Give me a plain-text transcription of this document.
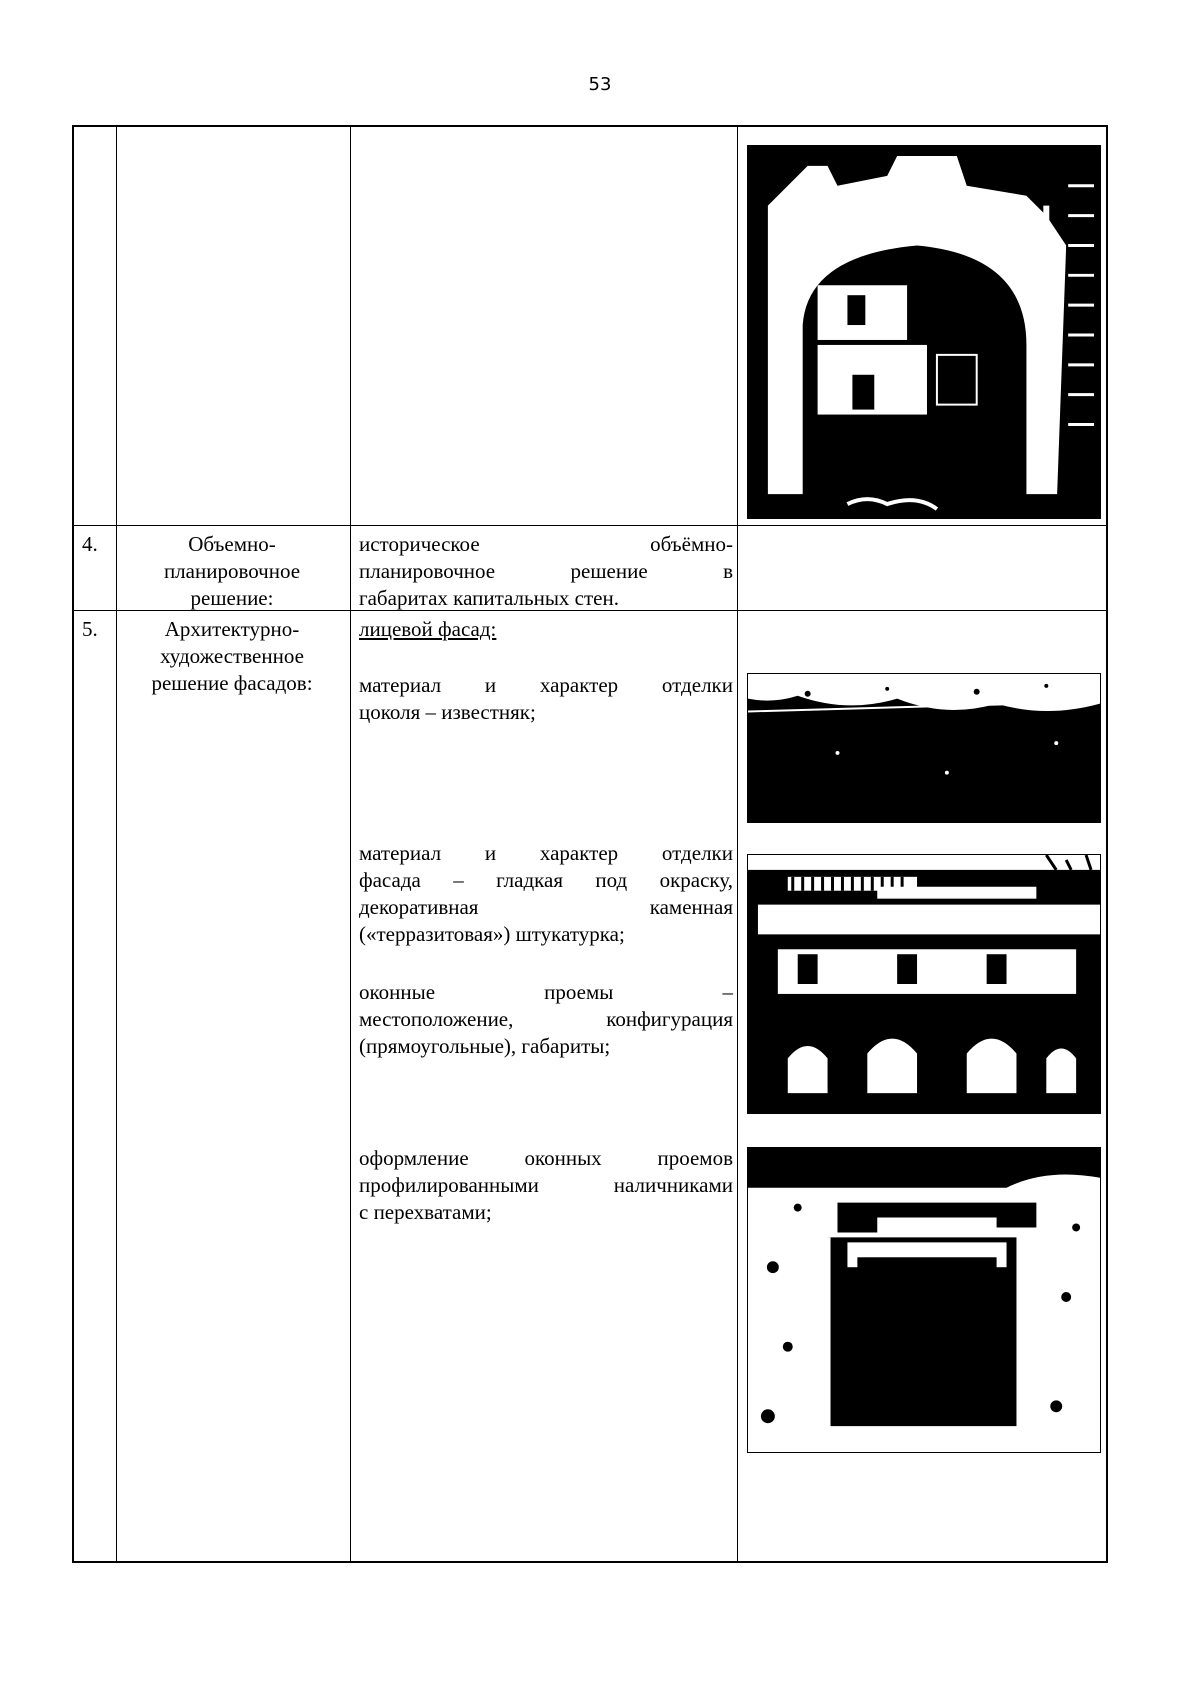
53
4.	Объемно-
планировочное
решение:
историческое объёмно-
планировочное решение в
габаритах капитальных стен.
5.	Архитектурно-
художественное
решение фасадов:
лицевой фасад:
материал и характер отделки
цоколя – известняк;
материал и характер отделки
фасада – гладкая под окраску,
декоративная каменная
(«терразитовая») штукатурка;
оконные проемы –
местоположение, конфигурация
(прямоугольные), габариты;
оформление оконных проемов
профилированными наличниками
с перехватами;
